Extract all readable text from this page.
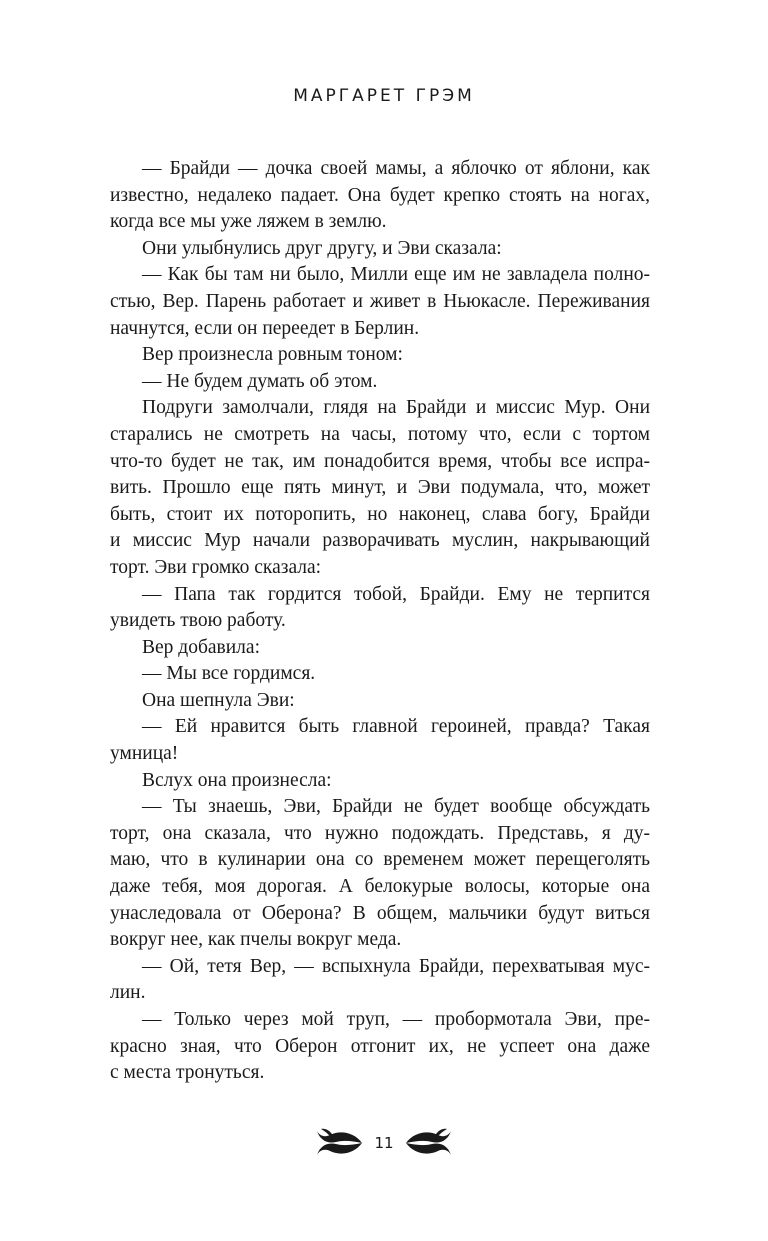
МАРГАРЕТ ГРЭМ
— Брайди — дочка своей мамы, а яблочко от яблони, как
известно, недалеко падает. Она будет крепко стоять на ногах,
когда все мы уже ляжем в землю.
Они улыбнулись друг другу, и Эви сказала:
— Как бы там ни было, Милли еще им не завладела полно-
стью, Вер. Парень работает и живет в Ньюкасле. Переживания
начнутся, если он переедет в Берлин.
Вер произнесла ровным тоном:
— Не будем думать об этом.
Подруги замолчали, глядя на Брайди и миссис Мур. Они
старались не смотреть на часы, потому что, если с тортом
что-то будет не так, им понадобится время, чтобы все испра-
вить. Прошло еще пять минут, и Эви подумала, что, может
быть, стоит их поторопить, но наконец, слава богу, Брайди
и миссис Мур начали разворачивать муслин, накрывающий
торт. Эви громко сказала:
— Папа так гордится тобой, Брайди. Ему не терпится
увидеть твою работу.
Вер добавила:
— Мы все гордимся.
Она шепнула Эви:
— Ей нравится быть главной героиней, правда? Такая
умница!
Вслух она произнесла:
— Ты знаешь, Эви, Брайди не будет вообще обсуждать
торт, она сказала, что нужно подождать. Представь, я ду-
маю, что в кулинарии она со временем может перещеголять
даже тебя, моя дорогая. А белокурые волосы, которые она
унаследовала от Оберона? В общем, мальчики будут виться
вокруг нее, как пчелы вокруг меда.
— Ой, тетя Вер, — вспыхнула Брайди, перехватывая мус-
лин.
— Только через мой труп, — пробормотала Эви, пре-
красно зная, что Оберон отгонит их, не успеет она даже
с места тронуться.
11
